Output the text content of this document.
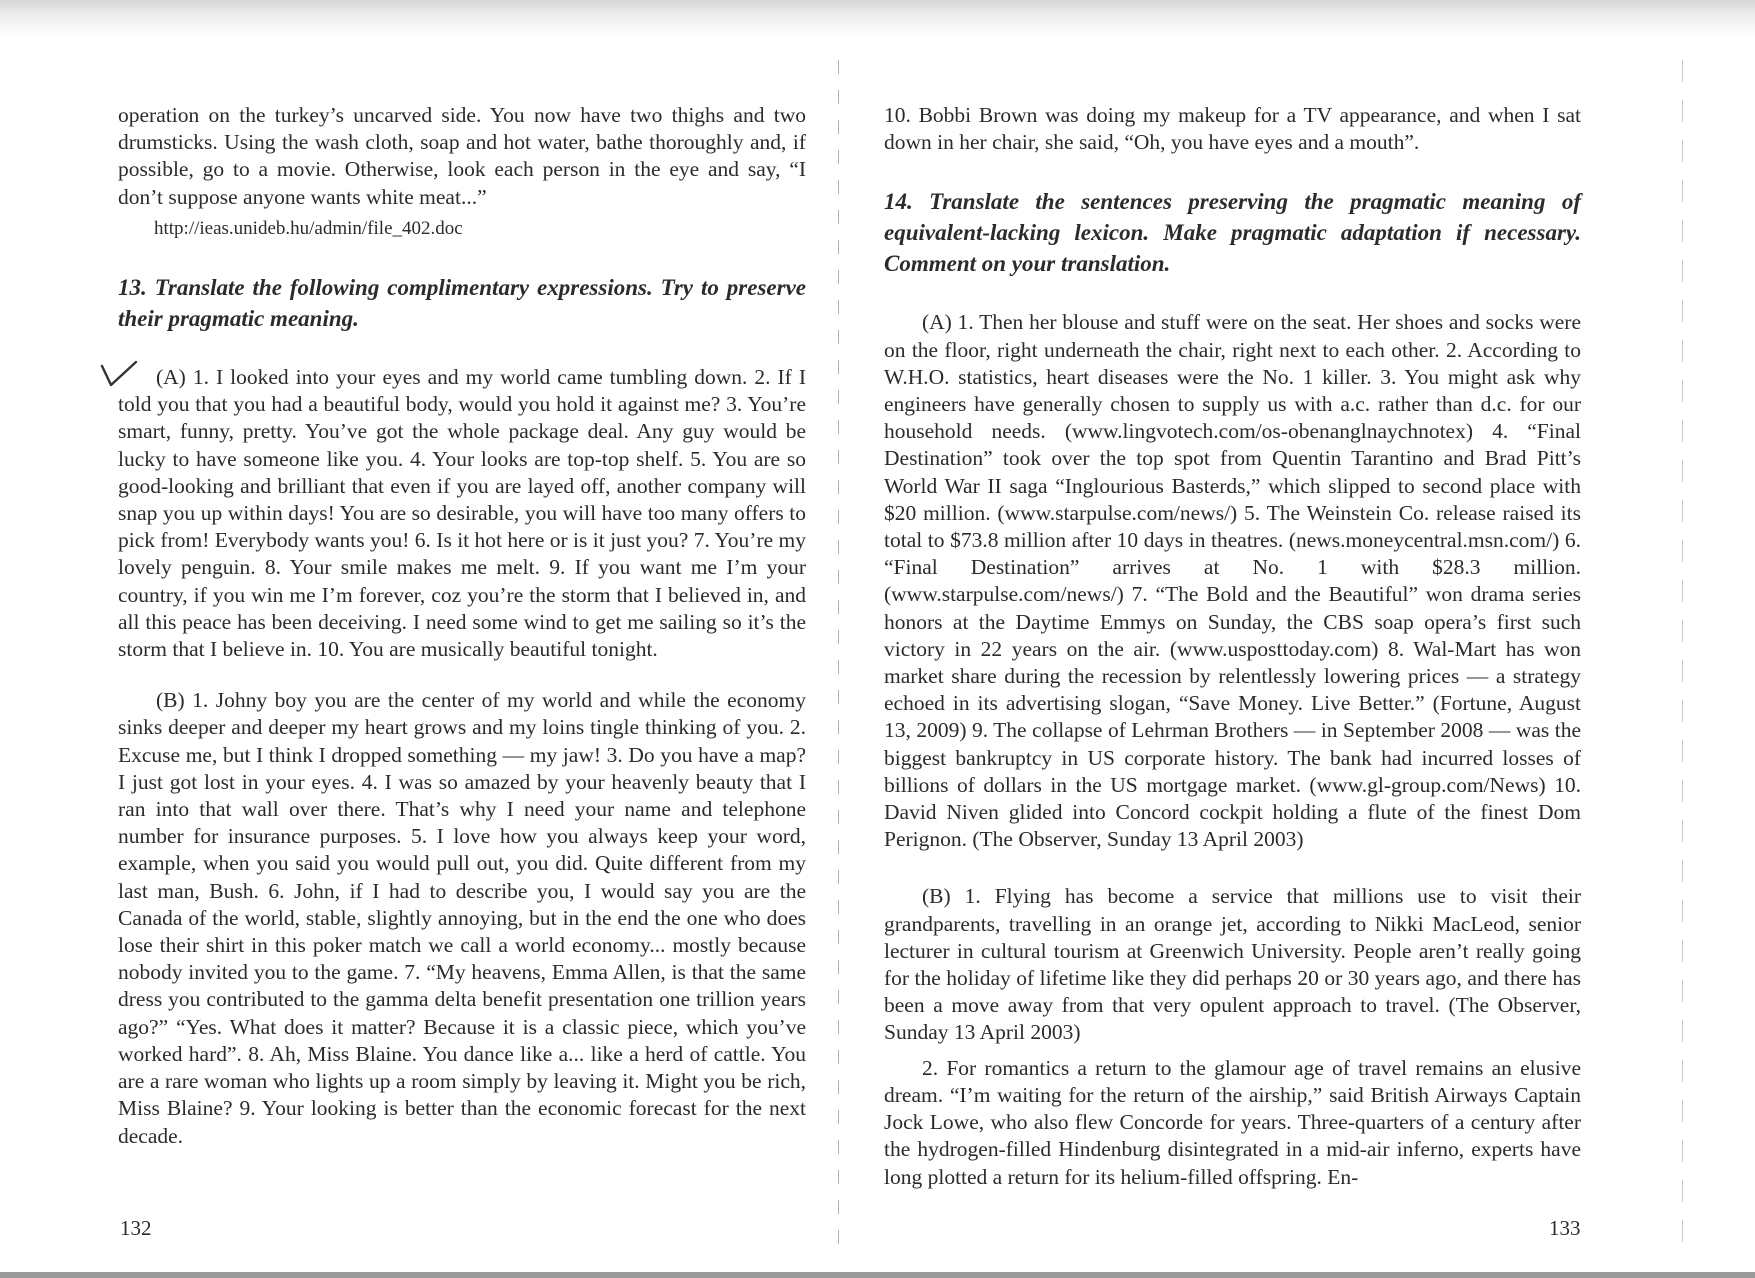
operation on the turkey’s uncarved side. You now have two thighs and two drumsticks. Using the wash cloth, soap and hot water, bathe thoroughly and, if possible, go to a movie. Otherwise, look each person in the eye and say, “I don’t suppose anyone wants white meat...”

http://ieas.unideb.hu/admin/file_402.doc

13. Translate the following complimentary expressions. Try to preserve their pragmatic meaning.

(A) 1. I looked into your eyes and my world came tumbling down. 2. If I told you that you had a beautiful body, would you hold it against me? 3. You’re smart, funny, pretty. You’ve got the whole package deal. Any guy would be lucky to have someone like you. 4. Your looks are top-top shelf. 5. You are so good-looking and brilliant that even if you are layed off, another company will snap you up within days! You are so desirable, you will have too many offers to pick from! Everybody wants you! 6. Is it hot here or is it just you? 7. You’re my lovely penguin. 8. Your smile makes me melt. 9. If you want me I’m your country, if you win me I’m forever, coz you’re the storm that I believed in, and all this peace has been deceiving. I need some wind to get me sailing so it’s the storm that I believe in. 10. You are musically beautiful tonight.

(B) 1. Johny boy you are the center of my world and while the economy sinks deeper and deeper my heart grows and my loins tingle thinking of you. 2. Excuse me, but I think I dropped something — my jaw! 3. Do you have a map? I just got lost in your eyes. 4. I was so amazed by your heavenly beauty that I ran into that wall over there. That’s why I need your name and telephone number for insurance purposes. 5. I love how you always keep your word, example, when you said you would pull out, you did. Quite different from my last man, Bush. 6. John, if I had to describe you, I would say you are the Canada of the world, stable, slightly annoying, but in the end the one who does lose their shirt in this poker match we call a world economy... mostly because nobody invited you to the game. 7. “My heavens, Emma Allen, is that the same dress you contributed to the gamma delta benefit presentation one trillion years ago?” “Yes. What does it matter? Because it is a classic piece, which you’ve worked hard”. 8. Ah, Miss Blaine. You dance like a... like a herd of cattle. You are a rare woman who lights up a room simply by leaving it. Might you be rich, Miss Blaine? 9. Your looking is better than the economic forecast for the next decade.

132

10. Bobbi Brown was doing my makeup for a TV appearance, and when I sat down in her chair, she said, “Oh, you have eyes and a mouth”.

14. Translate the sentences preserving the pragmatic meaning of equivalent-lacking lexicon. Make pragmatic adaptation if necessary. Comment on your translation.

(A) 1. Then her blouse and stuff were on the seat. Her shoes and socks were on the floor, right underneath the chair, right next to each other. 2. According to W.H.O. statistics, heart diseases were the No. 1 killer. 3. You might ask why engineers have generally chosen to supply us with a.c. rather than d.c. for our household needs. (www.lingvotech.com/os-obenanglnaychnotex) 4. “Final Destination” took over the top spot from Quentin Tarantino and Brad Pitt’s World War II saga “Inglourious Basterds,” which slipped to second place with $20 million. (www.starpulse.com/news/) 5. The Weinstein Co. release raised its total to $73.8 million after 10 days in theatres. (news.moneycentral.msn.com/) 6. “Final Destination” arrives at No. 1 with $28.3 million. (www.starpulse.com/news/) 7. “The Bold and the Beautiful” won drama series honors at the Daytime Emmys on Sunday, the CBS soap opera’s first such victory in 22 years on the air. (www.usposttoday.com) 8. Wal-Mart has won market share during the recession by relentlessly lowering prices — a strategy echoed in its advertising slogan, “Save Money. Live Better.” (Fortune, August 13, 2009) 9. The collapse of Lehrman Brothers — in September 2008 — was the biggest bankruptcy in US corporate history. The bank had incurred losses of billions of dollars in the US mortgage market. (www.gl-group.com/News) 10. David Niven glided into Concord cockpit holding a flute of the finest Dom Perignon. (The Observer, Sunday 13 April 2003)

(B) 1. Flying has become a service that millions use to visit their grandparents, travelling in an orange jet, according to Nikki MacLeod, senior lecturer in cultural tourism at Greenwich University. People aren’t really going for the holiday of lifetime like they did perhaps 20 or 30 years ago, and there has been a move away from that very opulent approach to travel. (The Observer, Sunday 13 April 2003)

2. For romantics a return to the glamour age of travel remains an elusive dream. “I’m waiting for the return of the airship,” said British Airways Captain Jock Lowe, who also flew Concorde for years. Three-quarters of a century after the hydrogen-filled Hindenburg disintegrated in a mid-air inferno, experts have long plotted a return for its helium-filled offspring. En-

133
